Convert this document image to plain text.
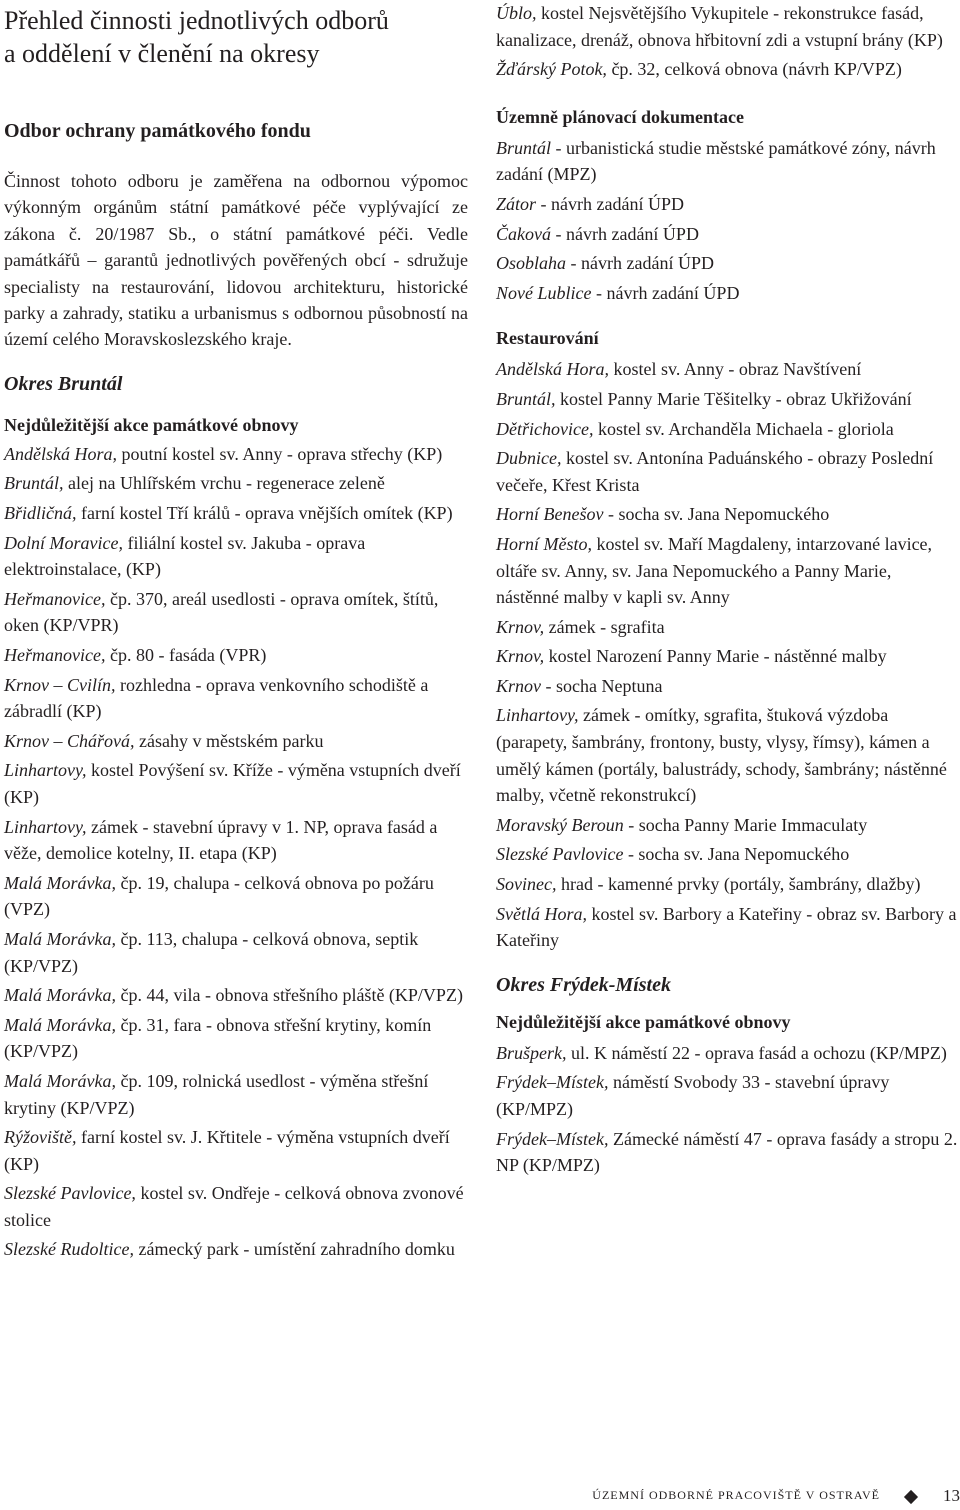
Přehled činnosti jednotlivých odborů
a oddělení v členění na okresy
Odbor ochrany památkového fondu

Činnost tohoto odboru je zaměřena na odbornou výpomoc výkonným orgánům státní památkové péče vyplývající ze zákona č. 20/1987 Sb., o státní památkové péči. Vedle památkářů – garantů jednotlivých pověřených obcí - sdružuje specialisty na restaurování, lidovou architekturu, historické parky a zahrady, statiku a urbanismus s odbornou působností na území celého Moravskoslezského kraje.

Okres Bruntál
Nejdůležitější akce památkové obnovy

Andělská Hora, poutní kostel sv. Anny - oprava střechy (KP)

Bruntál, alej na Uhlířském vrchu - regenerace zeleně

Břidličná, farní kostel Tří králů - oprava vnějších omítek (KP)

Dolní Moravice, filiální kostel sv. Jakuba - oprava elektroinstalace, (KP)

Heřmanovice, čp. 370, areál usedlosti - oprava omítek, štítů, oken (KP/VPR)

Heřmanovice, čp. 80 - fasáda (VPR)

Krnov – Cvilín, rozhledna - oprava venkovního schodiště a zábradlí (KP)

Krnov – Chářová, zásahy v městském parku

Linhartovy, kostel Povýšení sv. Kříže - výměna vstupních dveří (KP)

Linhartovy, zámek - stavební úpravy v 1. NP, oprava fasád a věže, demolice kotelny, II. etapa (KP)

Malá Morávka, čp. 19, chalupa - celková obnova po požáru (VPZ)

Malá Morávka, čp. 113, chalupa - celková obnova, septik (KP/VPZ)

Malá Morávka, čp. 44, vila - obnova střešního pláště (KP/VPZ)

Malá Morávka, čp. 31, fara - obnova střešní krytiny, komín (KP/VPZ)

Malá Morávka, čp. 109, rolnická usedlost - výměna střešní krytiny (KP/VPZ)

Rýžoviště, farní kostel sv. J. Křtitele - výměna vstupních dveří (KP)

Slezské Pavlovice, kostel sv. Ondřeje - celková obnova zvonové stolice

Slezské Rudoltice, zámecký park - umístění zahradního domku

Úblo, kostel Nejsvětějšího Vykupitele - rekonstrukce fasád, kanalizace, drenáž, obnova hřbitovní zdi a vstupní brány (KP)

Žďárský Potok, čp. 32, celková obnova (návrh KP/VPZ)

Územně plánovací dokumentace

Bruntál - urbanistická studie městské památkové zóny, návrh zadání (MPZ)

Zátor - návrh zadání ÚPD

Čaková - návrh zadání ÚPD

Osoblaha - návrh zadání ÚPD

Nové Lublice - návrh zadání ÚPD

Restaurování

Andělská Hora, kostel sv. Anny - obraz Navštívení

Bruntál, kostel Panny Marie Těšitelky - obraz Ukřižování

Dětřichovice, kostel sv. Archanděla Michaela - gloriola

Dubnice, kostel sv. Antonína Paduánského - obrazy Poslední večeře, Křest Krista

Horní Benešov - socha sv. Jana Nepomuckého

Horní Město, kostel sv. Maří Magdaleny, intarzované lavice, oltáře sv. Anny, sv. Jana Nepomuckého a Panny Marie, nástěnné malby v kapli sv. Anny

Krnov, zámek - sgrafita

Krnov, kostel Narození Panny Marie - nástěnné malby

Krnov - socha Neptuna

Linhartovy, zámek - omítky, sgrafita, štuková výzdoba (parapety, šambrány, frontony, busty, vlysy, římsy), kámen a umělý kámen (portály, balustrády, schody, šambrány; nástěnné malby, včetně rekonstrukcí)

Moravský Beroun - socha Panny Marie Immaculaty

Slezské Pavlovice - socha sv. Jana Nepomuckého

Sovinec, hrad - kamenné prvky (portály, šambrány, dlažby)

Světlá Hora, kostel sv. Barbory a Kateřiny - obraz sv. Barbory a Kateřiny

Okres Frýdek-Místek
Nejdůležitější akce památkové obnovy

Brušperk, ul. K náměstí 22 - oprava fasád a ochozu (KP/MPZ)

Frýdek–Místek, náměstí Svobody 33 - stavební úpravy (KP/MPZ)

Frýdek–Místek, Zámecké náměstí 47 - oprava fasády a stropu 2. NP (KP/MPZ)

ÚZEMNÍ ODBORNÉ PRACOVIŠTĚ V OSTRAVĚ	13
